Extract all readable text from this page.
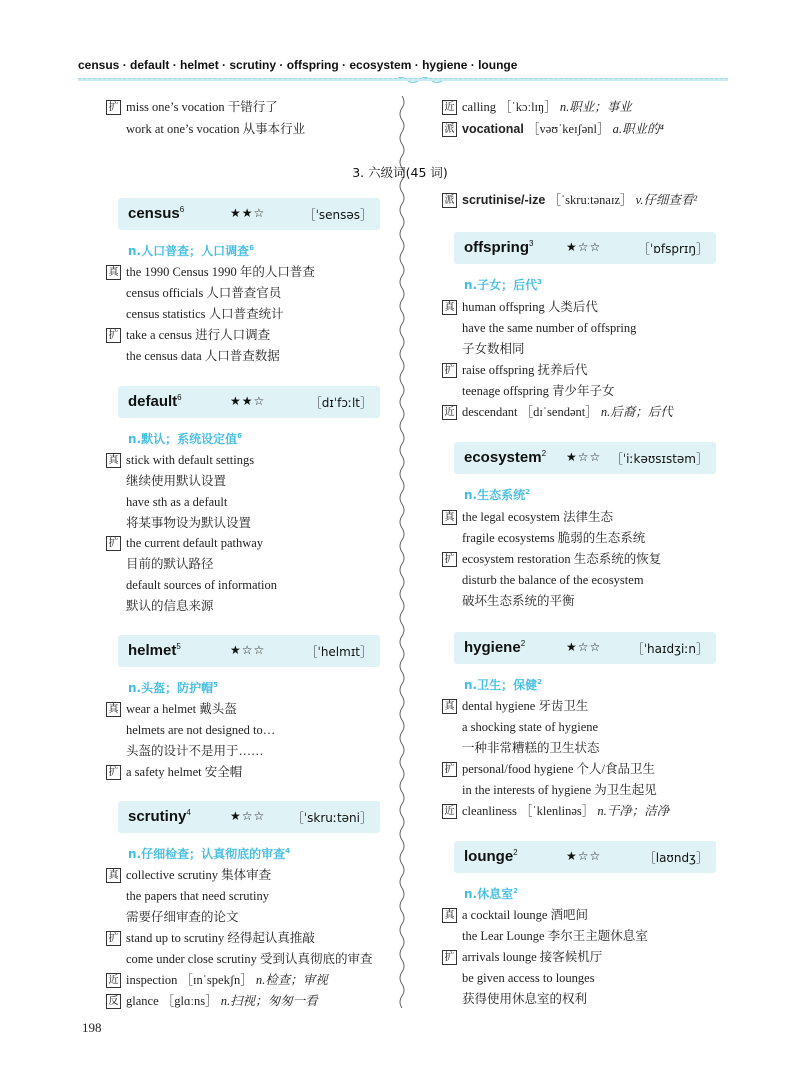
census · default · helmet · scrutiny · offspring · ecosystem · hygiene · lounge
扩 miss one’s vocation 干错行了
work at one’s vocation 从事本行业
近 calling ［ˈkɔːlɪŋ］ n.职业；事业
派 vocational ［vəʊˈkeɪʃənl］ a.职业的⁴
3. 六级词(45 词)
census$^6$	★★☆	［ˈsensəs］
n.人口普查；人口调查$^6$
真 the 1990 Census 1990 年的人口普查
census officials 人口普查官员
census statistics 人口普查统计
扩 take a census 进行人口调查
the census data 人口普查数据
default$^6$	★★☆	［dɪˈfɔːlt］
n.默认；系统设定值$^6$
真 stick with default settings
继续使用默认设置
have sth as a default
将某事物设为默认设置
扩 the current default pathway
目前的默认路径
default sources of information
默认的信息来源
helmet$^5$	★☆☆	［ˈhelmɪt］
n.头盔；防护帽$^5$
真 wear a helmet 戴头盔
helmets are not designed to…
头盔的设计不是用于……
扩 a safety helmet 安全帽
scrutiny$^4$	★☆☆ ［ˈskruːtəni］
n.仔细检查；认真彻底的审查$^4$
真 collective scrutiny 集体审查
the papers that need scrutiny
需要仔细审查的论文
扩 stand up to scrutiny 经得起认真推敲
come under close scrutiny 受到认真彻底的审查
近 inspection ［ɪnˈspekʃn］ n.检查；审视
反 glance ［glɑːns］ n.扫视；匆匆一看
派 scrutinise/-ize ［ˈskruːtənaɪz］ v.仔细查看²
offspring$^3$	★☆☆	［ˈɒfsprɪŋ］
n.子女；后代$^3$
真 human offspring 人类后代
have the same number of offspring
子女数相同
扩 raise offspring 抚养后代
teenage offspring 青少年子女
近 descendant ［dɪˈsendənt］ n.后裔；后代
ecosystem$^2$ ★☆☆ ［ˈiːkəʊsɪstəm］
n.生态系统$^2$
真 the legal ecosystem 法律生态
fragile ecosystems 脆弱的生态系统
扩 ecosystem restoration 生态系统的恢复
disturb the balance of the ecosystem
破坏生态系统的平衡
hygiene$^2$	★☆☆	［ˈhaɪdʒiːn］
n.卫生；保健$^2$
真 dental hygiene 牙齿卫生
a shocking state of hygiene
一种非常糟糕的卫生状态
扩 personal/food hygiene 个人/食品卫生
in the interests of hygiene 为卫生起见
近 cleanliness ［ˈklenlinəs］ n.干净；洁净
lounge$^2$	★☆☆	［laʊndʒ］
n.休息室$^2$
真 a cocktail lounge 酒吧间
the Lear Lounge 李尔王主题休息室
扩 arrivals lounge 接客候机厅
be given access to lounges
获得使用休息室的权利
198
